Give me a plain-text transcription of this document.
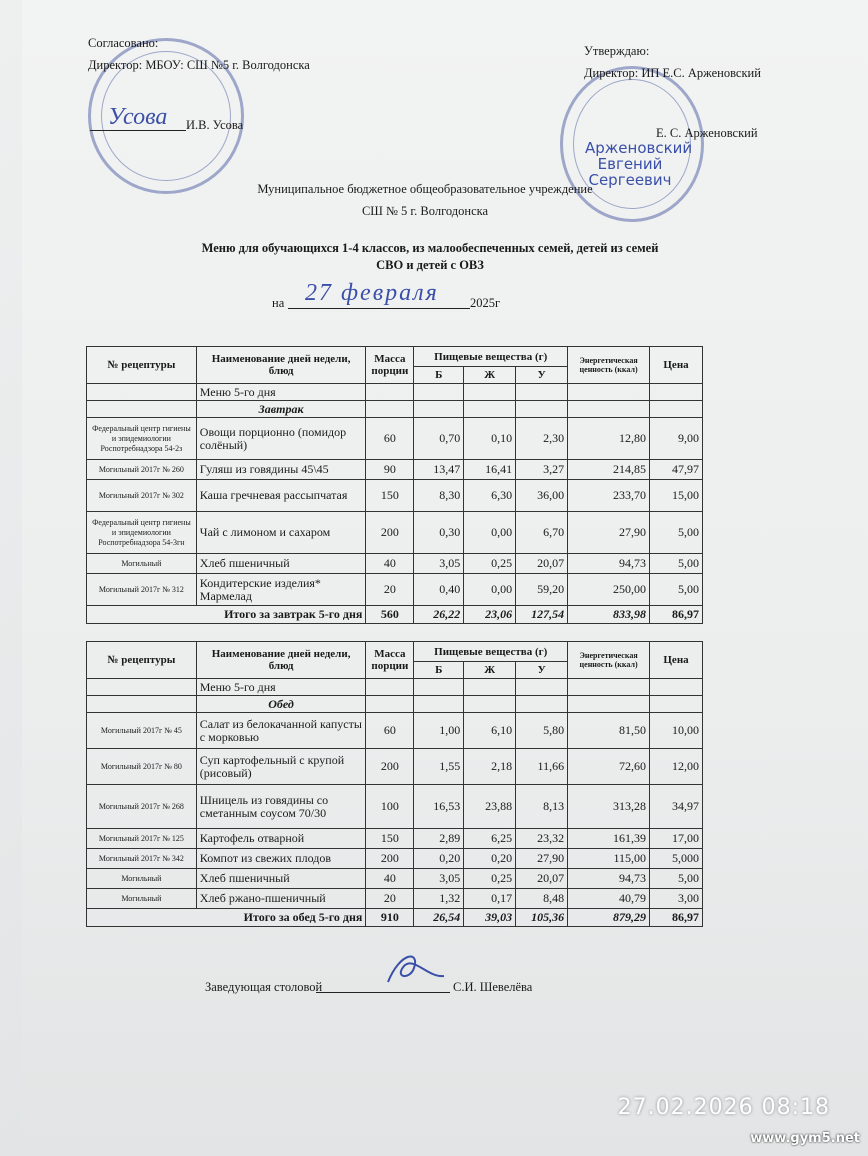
Согласовано:
Директор: МБОУ: СШ №5 г. Волгодонска
Усова И.В. Усова
Утверждаю:
Директор: ИП Е.С. Арженовский
Арженовский Евгений Сергеевич
Е. С. Арженовский
Муниципальное бюджетное общеобразовательное учреждение
СШ № 5 г. Волгодонска
Меню для обучающихся 1-4 классов, из малообеспеченных семей, детей из семей
СВО и детей с ОВЗ
на 27 февраля	2025г
№ рецептуры	Наименование дней недели, блюд	Масса порции	Пищевые вещества (г)			Энергетическая ценность (ккал)	Цена
			Б	Ж	У		
	Меню 5-го дня						
	Завтрак						
Федеральный центр гигиены и эпидемиологии Роспотребнадзора 54-2з	Овощи порционно (помидор солёный)	60	0,70	0,10	2,30	12,80	9,00
Могильный 2017г № 260	Гуляш из говядины 45\45	90	13,47	16,41	3,27	214,85	47,97
Могильный 2017г № 302	Каша гречневая рассыпчатая	150	8,30	6,30	36,00	233,70	15,00
Федеральный центр гигиены и эпидемиологии Роспотребнадзора 54-3гн	Чай с лимоном и сахаром	200	0,30	0,00	6,70	27,90	5,00
Могильный	Хлеб пшеничный	40	3,05	0,25	20,07	94,73	5,00
Могильный 2017г № 312	Кондитерские изделия* Мармелад	20	0,40	0,00	59,20	250,00	5,00
Итого за завтрак 5-го дня		560	26,22	23,06	127,54	833,98	86,97
№ рецептуры	Наименование дней недели, блюд	Масса порции	Пищевые вещества (г)			Энергетическая ценность (ккал)	Цена
			Б	Ж	У		
	Меню 5-го дня						
	Обед						
Могильный 2017г № 45	Салат из белокачанной капусты с морковью	60	1,00	6,10	5,80	81,50	10,00
Могильный 2017г № 80	Суп картофельный с крупой (рисовый)	200	1,55	2,18	11,66	72,60	12,00
Могильный 2017г № 268	Шницель из говядины со сметанным соусом 70/30	100	16,53	23,88	8,13	313,28	34,97
Могильный 2017г № 125	Картофель отварной	150	2,89	6,25	23,32	161,39	17,00
Могильный 2017г № 342	Компот из свежих плодов	200	0,20	0,20	27,90	115,00	5,000
Могильный	Хлеб пшеничный	40	3,05	0,25	20,07	94,73	5,00
Могильный	Хлеб ржано-пшеничный	20	1,32	0,17	8,48	40,79	3,00
Итого за обед 5-го дня		910	26,54	39,03	105,36	879,29	86,97
Заведующая столовой	С.И. Шевелёва
27.02.2026 08:18
www.gym5.net
